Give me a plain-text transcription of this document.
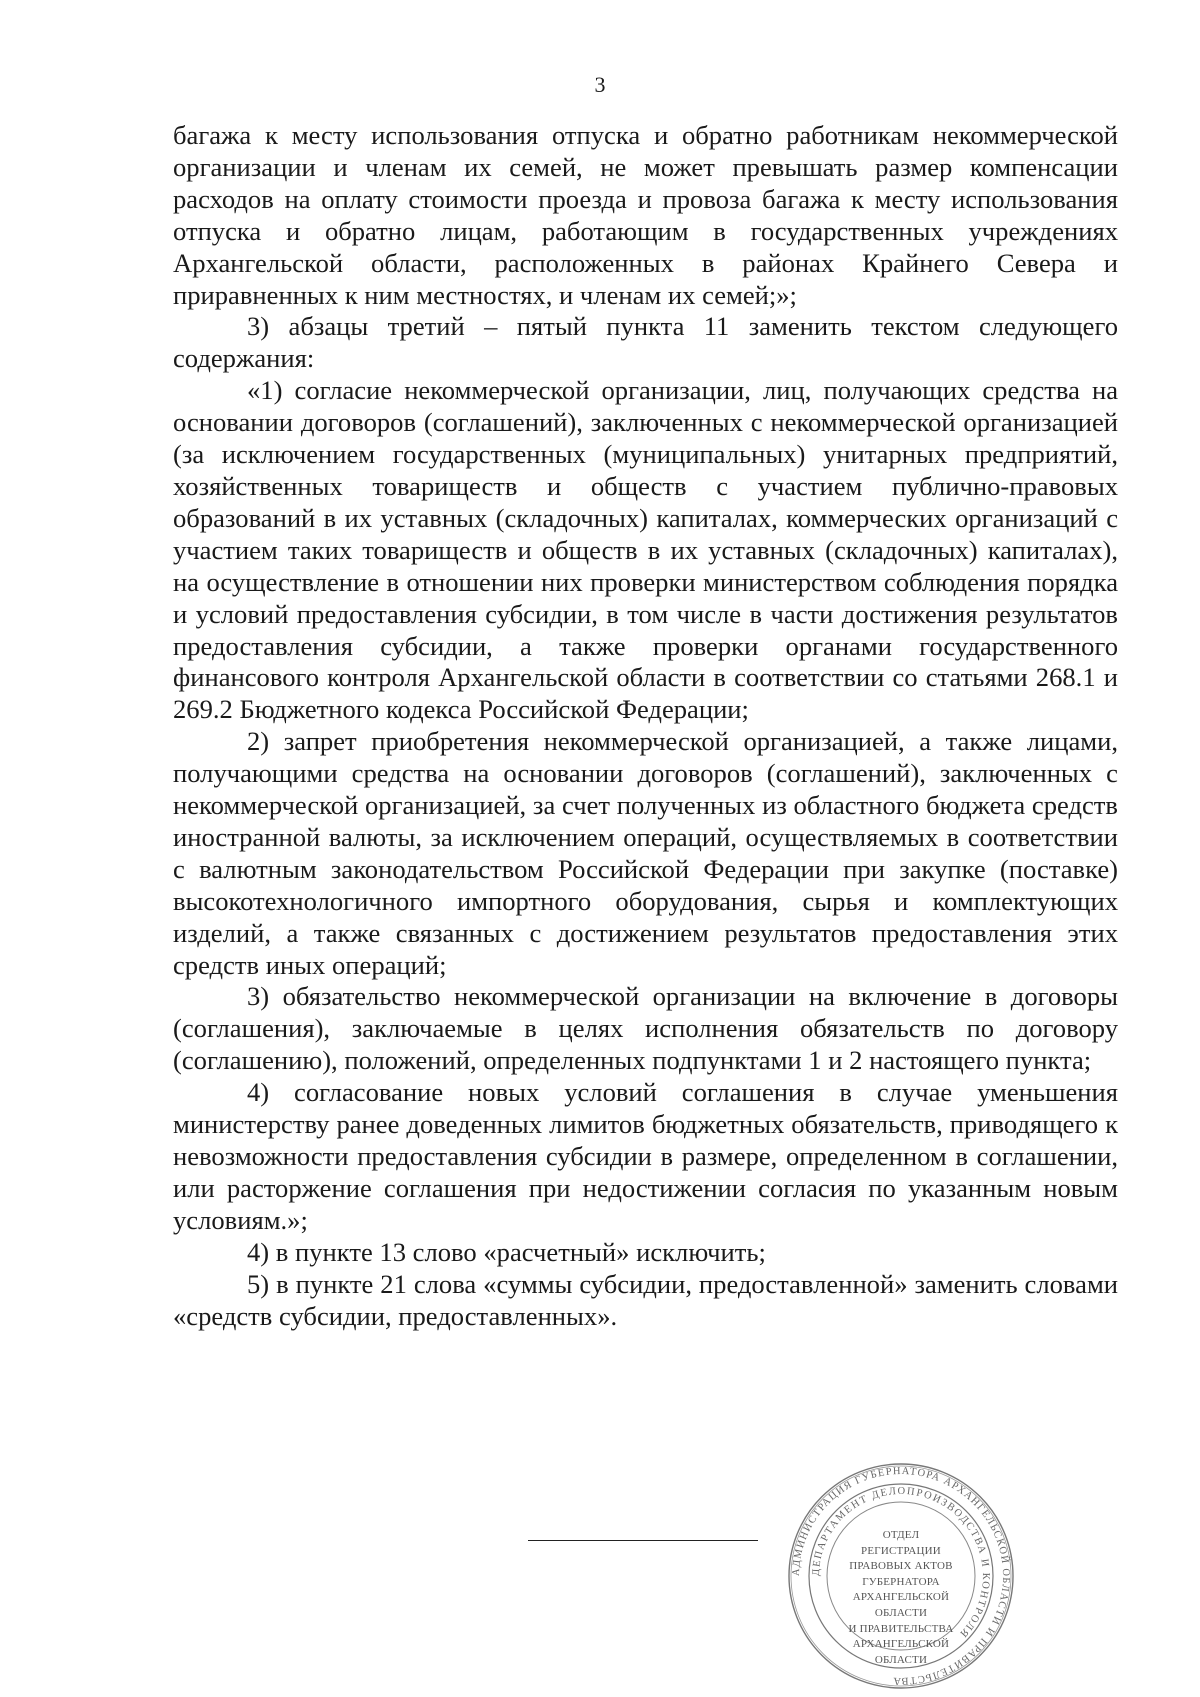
3

багажа к месту использования отпуска и обратно работникам некоммерческой организации и членам их семей, не может превышать размер компенсации расходов на оплату стоимости проезда и провоза багажа к месту использования отпуска и обратно лицам, работающим в государственных учреждениях Архангельской области, расположенных в районах Крайнего Севера и приравненных к ним местностях, и членам их семей;»;

3) абзацы третий – пятый пункта 11 заменить текстом следующего содержания:

«1) согласие некоммерческой организации, лиц, получающих средства на основании договоров (соглашений), заключенных с некоммерческой организацией (за исключением государственных (муниципальных) унитарных предприятий, хозяйственных товариществ и обществ с участием публично-правовых образований в их уставных (складочных) капиталах, коммерческих организаций с участием таких товариществ и обществ в их уставных (складочных) капиталах), на осуществление в отношении них проверки министерством соблюдения порядка и условий предоставления субсидии, в том числе в части достижения результатов предоставления субсидии, а также проверки органами государственного финансового контроля Архангельской области в соответствии со статьями 268.1 и 269.2 Бюджетного кодекса Российской Федерации;

2) запрет приобретения некоммерческой организацией, а также лицами, получающими средства на основании договоров (соглашений), заключенных с некоммерческой организацией, за счет полученных из областного бюджета средств иностранной валюты, за исключением операций, осуществляемых в соответствии с валютным законодательством Российской Федерации при закупке (поставке) высокотехнологичного импортного оборудования, сырья и комплектующих изделий, а также связанных с достижением результатов предоставления этих средств иных операций;

3) обязательство некоммерческой организации на включение в договоры (соглашения), заключаемые в целях исполнения обязательств по договору (соглашению), положений, определенных подпунктами 1 и 2 настоящего пункта;

4) согласование новых условий соглашения в случае уменьшения министерству ранее доведенных лимитов бюджетных обязательств, приводящего к невозможности предоставления субсидии в размере, определенном в соглашении, или расторжение соглашения при недостижении согласия по указанным новым условиям.»;

4) в пункте 13 слово «расчетный» исключить;

5) в пункте 21 слова «суммы субсидии, предоставленной» заменить словами «средств субсидии, предоставленных».

АДМИНИСТРАЦИЯ ГУБЕРНАТОРА АРХАНГЕЛЬСКОЙ ОБЛАСТИ И ПРАВИТЕЛЬСТВА
ДЕПАРТАМЕНТ ДЕЛОПРОИЗВОДСТВА И КОНТРОЛЯ
ОТДЕЛ
РЕГИСТРАЦИИ
ПРАВОВЫХ АКТОВ
ГУБЕРНАТОРА
АРХАНГЕЛЬСКОЙ
ОБЛАСТИ
И ПРАВИТЕЛЬСТВА
АРХАНГЕЛЬСКОЙ
ОБЛАСТИ
